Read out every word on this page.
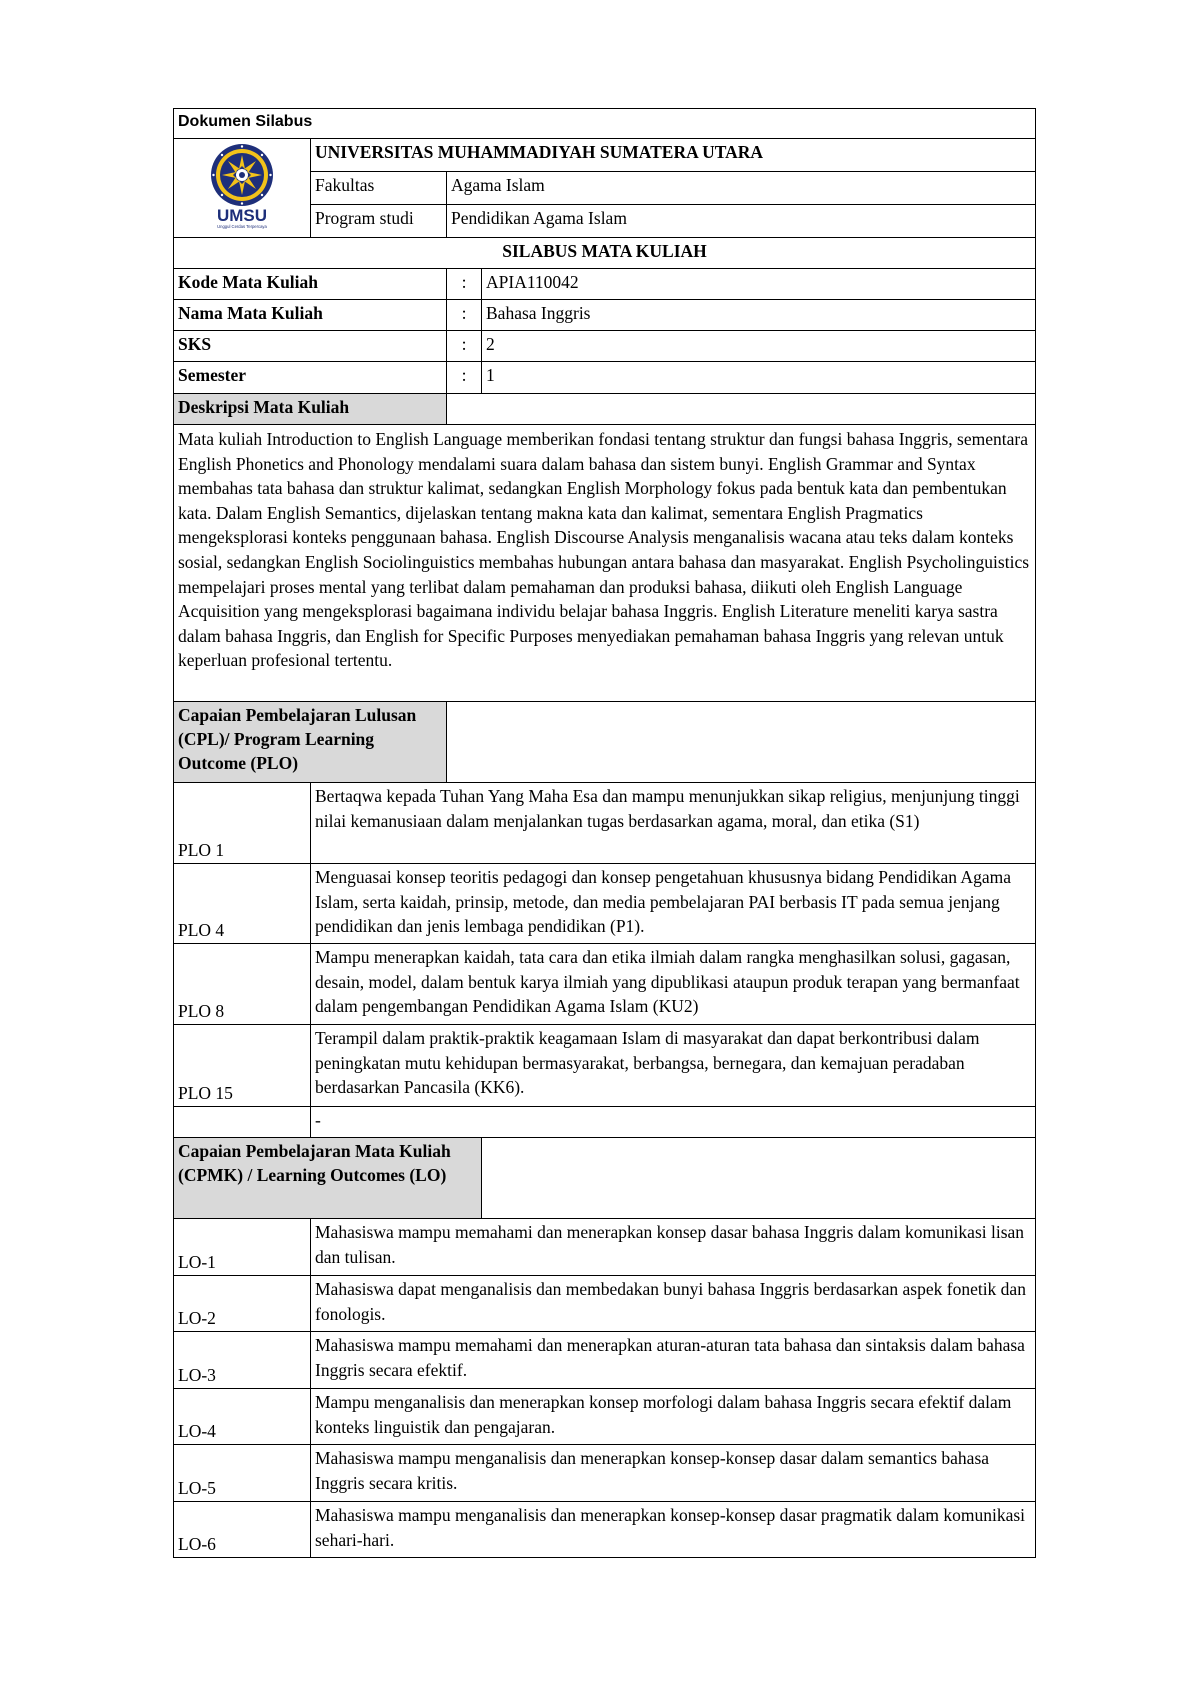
Dokumen Silabus			

UMSU
Unggul Cerdas Terpercaya	UNIVERSITAS MUHAMMADIYAH SUMATERA UTARA		
	Fakultas	Agama Islam	
	Program studi	Pendidikan Agama Islam	
SILABUS MATA KULIAH			
Kode Mata Kuliah		:	APIA110042
Nama Mata Kuliah		:	Bahasa Inggris
SKS		:	2
Semester		:	1
Deskripsi Mata Kuliah			
Mata kuliah Introduction to English Language memberikan fondasi tentang struktur dan fungsi bahasa Inggris, sementara English Phonetics and Phonology mendalami suara dalam bahasa dan sistem bunyi. English Grammar and Syntax membahas tata bahasa dan struktur kalimat, sedangkan English Morphology fokus pada bentuk kata dan pembentukan kata. Dalam English Semantics, dijelaskan tentang makna kata dan kalimat, sementara English Pragmatics mengeksplorasi konteks penggunaan bahasa. English Discourse Analysis menganalisis wacana atau teks dalam konteks sosial, sedangkan English Sociolinguistics membahas hubungan antara bahasa dan masyarakat. English Psycholinguistics mempelajari proses mental yang terlibat dalam pemahaman dan produksi bahasa, diikuti oleh English Language Acquisition yang mengeksplorasi bagaimana individu belajar bahasa Inggris. English Literature meneliti karya sastra dalam bahasa Inggris, dan English for Specific Purposes menyediakan pemahaman bahasa Inggris yang relevan untuk keperluan profesional tertentu.			
Capaian Pembelajaran Lulusan (CPL)/ Program Learning Outcome (PLO)			
PLO 1	Bertaqwa kepada Tuhan Yang Maha Esa dan mampu menunjukkan sikap religius, menjunjung tinggi nilai kemanusiaan dalam menjalankan tugas berdasarkan agama, moral, dan etika (S1)		
PLO 4	Menguasai konsep teoritis pedagogi dan konsep pengetahuan khususnya bidang Pendidikan Agama Islam, serta kaidah, prinsip, metode, dan media pembelajaran PAI berbasis IT pada semua jenjang pendidikan dan jenis lembaga pendidikan (P1).		
PLO 8	Mampu menerapkan kaidah, tata cara dan etika ilmiah dalam rangka menghasilkan solusi, gagasan, desain, model, dalam bentuk karya ilmiah yang dipublikasi ataupun produk terapan yang bermanfaat dalam pengembangan Pendidikan Agama Islam (KU2)		
PLO 15	Terampil dalam praktik-praktik keagamaan Islam di masyarakat dan dapat berkontribusi dalam peningkatan mutu kehidupan bermasyarakat, berbangsa, bernegara, dan kemajuan peradaban berdasarkan Pancasila (KK6).		
	-		
Capaian Pembelajaran Mata Kuliah (CPMK) / Learning Outcomes (LO)			
LO-1	Mahasiswa mampu memahami dan menerapkan konsep dasar bahasa Inggris dalam komunikasi lisan dan tulisan.		
LO-2	Mahasiswa dapat menganalisis dan membedakan bunyi bahasa Inggris berdasarkan aspek fonetik dan fonologis.		
LO-3	Mahasiswa mampu memahami dan menerapkan aturan-aturan tata bahasa dan sintaksis dalam bahasa Inggris secara efektif.		
LO-4	Mampu menganalisis dan menerapkan konsep morfologi dalam bahasa Inggris secara efektif dalam konteks linguistik dan pengajaran.		
LO-5	Mahasiswa mampu menganalisis dan menerapkan konsep-konsep dasar dalam semantics bahasa Inggris secara kritis.		
LO-6	Mahasiswa mampu menganalisis dan menerapkan konsep-konsep dasar pragmatik dalam komunikasi sehari-hari.		
